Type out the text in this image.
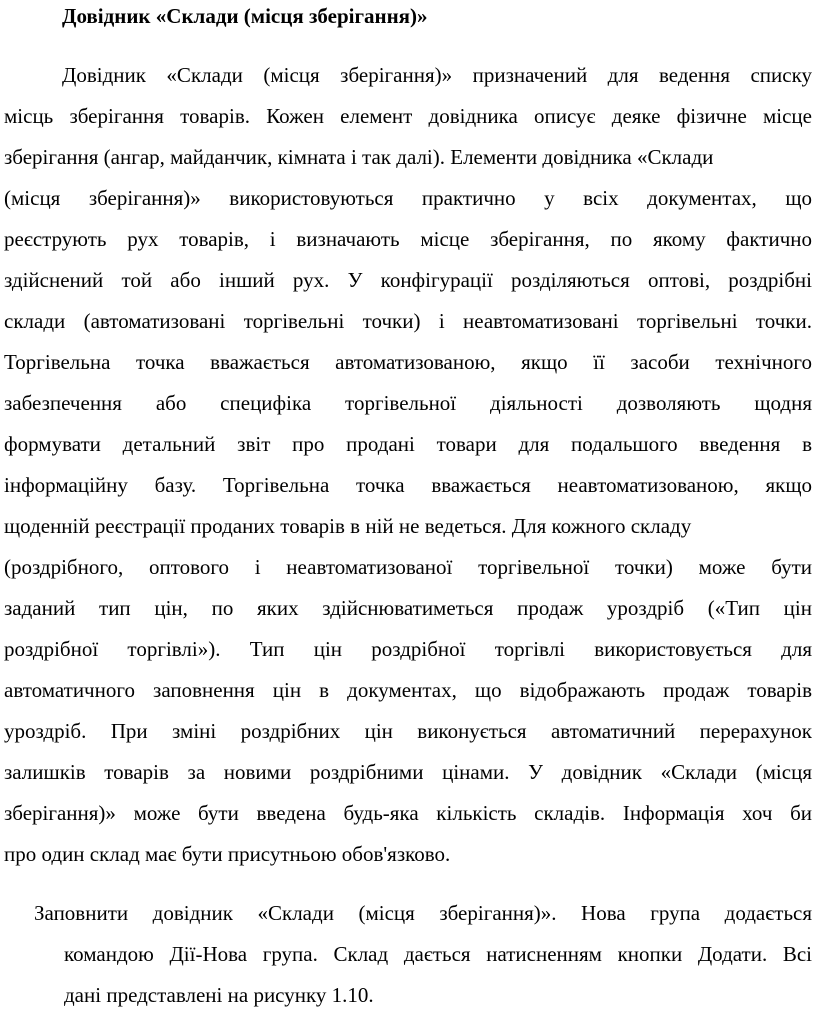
Довідник «Склади (місця зберігання)»

Довідник «Склади (місця зберігання)» призначений для ведення списку

місць зберігання товарів. Кожен елемент довідника описує деяке фізичне місце

зберігання (ангар, майданчик, кімната і так далі). Елементи довідника «Склади

(місця зберігання)» використовуються практично у всіх документах, що

реєструють рух товарів, і визначають місце зберігання, по якому фактично

здійснений той або інший рух. У конфігурації розділяються оптові, роздрібні

склади (автоматизовані торгівельні точки) і неавтоматизовані торгівельні точки.

Торгівельна точка вважається автоматизованою, якщо її засоби технічного

забезпечення або специфіка торгівельної діяльності дозволяють щодня

формувати детальний звіт про продані товари для подальшого введення в

інформаційну базу. Торгівельна точка вважається неавтоматизованою, якщо

щоденній реєстрації проданих товарів в ній не ведеться. Для кожного складу

(роздрібного, оптового і неавтоматизованої торгівельної точки) може бути

заданий тип цін, по яких здійснюватиметься продаж уроздріб («Тип цін

роздрібної торгівлі»). Тип цін роздрібної торгівлі використовується для

автоматичного заповнення цін в документах, що відображають продаж товарів

уроздріб. При зміні роздрібних цін виконується автоматичний перерахунок

залишків товарів за новими роздрібними цінами. У довідник «Склади (місця

зберігання)» може бути введена будь-яка кількість складів. Інформація хоч би

про один склад має бути присутньою обов'язково.

Заповнити довідник «Склади (місця зберігання)». Нова група додається

командою Дії-Нова група. Склад дається натисненням кнопки Додати. Всі

дані представлені на рисунку 1.10.
